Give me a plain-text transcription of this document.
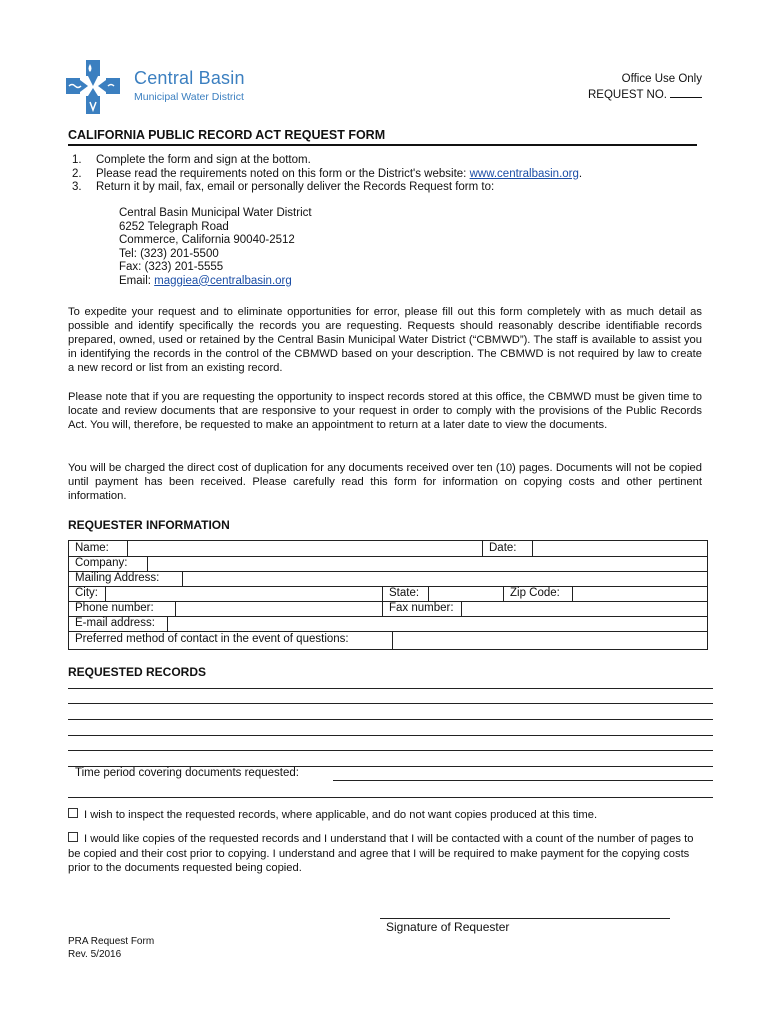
Central Basin
Municipal Water District
Office Use Only
REQUEST NO.
CALIFORNIA PUBLIC RECORD ACT REQUEST FORM
1. Complete the form and sign at the bottom.
2. Please read the requirements noted on this form or the District's website: www.centralbasin.org.
3. Return it by mail, fax, email or personally deliver the Records Request form to:
Central Basin Municipal Water District
6252 Telegraph Road
Commerce, California 90040-2512
Tel: (323) 201-5500
Fax: (323) 201-5555
Email: maggiea@centralbasin.org
To expedite your request and to eliminate opportunities for error, please fill out this form completely with as much detail as possible and identify specifically the records you are requesting. Requests should reasonably describe identifiable records prepared, owned, used or retained by the Central Basin Municipal Water District (“CBMWD”). The staff is available to assist you in identifying the records in the control of the CBMWD based on your description. The CBMWD is not required by law to create a new record or list from an existing record.
Please note that if you are requesting the opportunity to inspect records stored at this office, the CBMWD must be given time to locate and review documents that are responsive to your request in order to comply with the provisions of the Public Records Act. You will, therefore, be requested to make an appointment to return at a later date to view the documents.
You will be charged the direct cost of duplication for any documents received over ten (10) pages. Documents will not be copied until payment has been received. Please carefully read this form for information on copying costs and other pertinent information.
REQUESTER INFORMATION
Name:	Date:
Company:
Mailing Address:
City:	State:	Zip Code:
Phone number:	Fax number:
E-mail address:
Preferred method of contact in the event of questions:
REQUESTED RECORDS
Time period covering documents requested:
I wish to inspect the requested records, where applicable, and do not want copies produced at this time.
I would like copies of the requested records and I understand that I will be contacted with a count of the number of pages to be copied and their cost prior to copying. I understand and agree that I will be required to make payment for the copying costs prior to the documents requested being copied.
Signature of Requester
PRA Request Form
Rev. 5/2016
